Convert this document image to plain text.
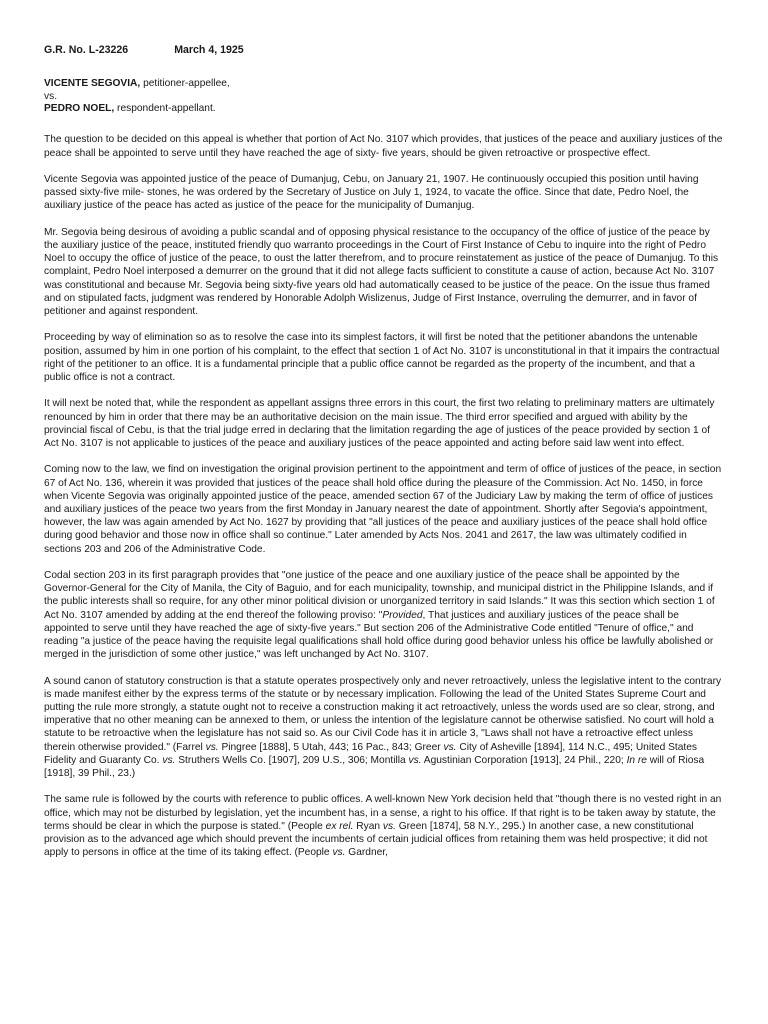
G.R. No. L-23226	March 4, 1925
VICENTE SEGOVIA, petitioner-appellee,
vs.
PEDRO NOEL, respondent-appellant.

The question to be decided on this appeal is whether that portion of Act No. 3107 which provides, that justices of the peace and auxiliary justices of the peace shall be appointed to serve until they have reached the age of sixty- five years, should be given retroactive or prospective effect.

Vicente Segovia was appointed justice of the peace of Dumanjug, Cebu, on January 21, 1907. He continuously occupied this position until having passed sixty-five mile- stones, he was ordered by the Secretary of Justice on July 1, 1924, to vacate the office. Since that date, Pedro Noel, the auxiliary justice of the peace has acted as justice of the peace for the municipality of Dumanjug.

Mr. Segovia being desirous of avoiding a public scandal and of opposing physical resistance to the occupancy of the office of justice of the peace by the auxiliary justice of the peace, instituted friendly quo warranto proceedings in the Court of First Instance of Cebu to inquire into the right of Pedro Noel to occupy the office of justice of the peace, to oust the latter therefrom, and to procure reinstatement as justice of the peace of Dumanjug. To this complaint, Pedro Noel interposed a demurrer on the ground that it did not allege facts sufficient to constitute a cause of action, because Act No. 3107 was constitutional and because Mr. Segovia being sixty-five years old had automatically ceased to be justice of the peace. On the issue thus framed and on stipulated facts, judgment was rendered by Honorable Adolph Wislizenus, Judge of First Instance, overruling the demurrer, and in favor of petitioner and against respondent.

Proceeding by way of elimination so as to resolve the case into its simplest factors, it will first be noted that the petitioner abandons the untenable position, assumed by him in one portion of his complaint, to the effect that section 1 of Act No. 3107 is unconstitutional in that it impairs the contractual right of the petitioner to an office. It is a fundamental principle that a public office cannot be regarded as the property of the incumbent, and that a public office is not a contract.

It will next be noted that, while the respondent as appellant assigns three errors in this court, the first two relating to preliminary matters are ultimately renounced by him in order that there may be an authoritative decision on the main issue. The third error specified and argued with ability by the provincial fiscal of Cebu, is that the trial judge erred in declaring that the limitation regarding the age of justices of the peace provided by section 1 of Act No. 3107 is not applicable to justices of the peace and auxiliary justices of the peace appointed and acting before said law went into effect.

Coming now to the law, we find on investigation the original provision pertinent to the appointment and term of office of justices of the peace, in section 67 of Act No. 136, wherein it was provided that justices of the peace shall hold office during the pleasure of the Commission. Act No. 1450, in force when Vicente Segovia was originally appointed justice of the peace, amended section 67 of the Judiciary Law by making the term of office of justices and auxiliary justices of the peace two years from the first Monday in January nearest the date of appointment. Shortly after Segovia's appointment, however, the law was again amended by Act No. 1627 by providing that "all justices of the peace and auxiliary justices of the peace shall hold office during good behavior and those now in office shall so continue." Later amended by Acts Nos. 2041 and 2617, the law was ultimately codified in sections 203 and 206 of the Administrative Code.

Codal section 203 in its first paragraph provides that "one justice of the peace and one auxiliary justice of the peace shall be appointed by the Governor-General for the City of Manila, the City of Baguio, and for each municipality, township, and municipal district in the Philippine Islands, and if the public interests shall so require, for any other minor political division or unorganized territory in said Islands." It was this section which section 1 of Act No. 3107 amended by adding at the end thereof the following proviso: "Provided, That justices and auxiliary justices of the peace shall be appointed to serve until they have reached the age of sixty-five years." But section 206 of the Administrative Code entitled "Tenure of office," and reading "a justice of the peace having the requisite legal qualifications shall hold office during good behavior unless his office be lawfully abolished or merged in the jurisdiction of some other justice," was left unchanged by Act No. 3107.

A sound canon of statutory construction is that a statute operates prospectively only and never retroactively, unless the legislative intent to the contrary is made manifest either by the express terms of the statute or by necessary implication. Following the lead of the United States Supreme Court and putting the rule more strongly, a statute ought not to receive a construction making it act retroactively, unless the words used are so clear, strong, and imperative that no other meaning can be annexed to them, or unless the intention of the legislature cannot be otherwise satisfied. No court will hold a statute to be retroactive when the legislature has not said so. As our Civil Code has it in article 3, "Laws shall not have a retroactive effect unless therein otherwise provided." (Farrel vs. Pingree [1888], 5 Utah, 443; 16 Pac., 843; Greer vs. City of Asheville [1894], 114 N.C., 495; United States Fidelity and Guaranty Co. vs. Struthers Wells Co. [1907], 209 U.S., 306; Montilla vs. Agustinian Corporation [1913], 24 Phil., 220; In re will of Riosa [1918], 39 Phil., 23.)

The same rule is followed by the courts with reference to public offices. A well-known New York decision held that "though there is no vested right in an office, which may not be disturbed by legislation, yet the incumbent has, in a sense, a right to his office. If that right is to be taken away by statute, the terms should be clear in which the purpose is stated." (People ex rel. Ryan vs. Green [1874], 58 N.Y., 295.) In another case, a new constitutional provision as to the advanced age which should prevent the incumbents of certain judicial offices from retaining them was held prospective; it did not apply to persons in office at the time of its taking effect. (People vs. Gardner,
